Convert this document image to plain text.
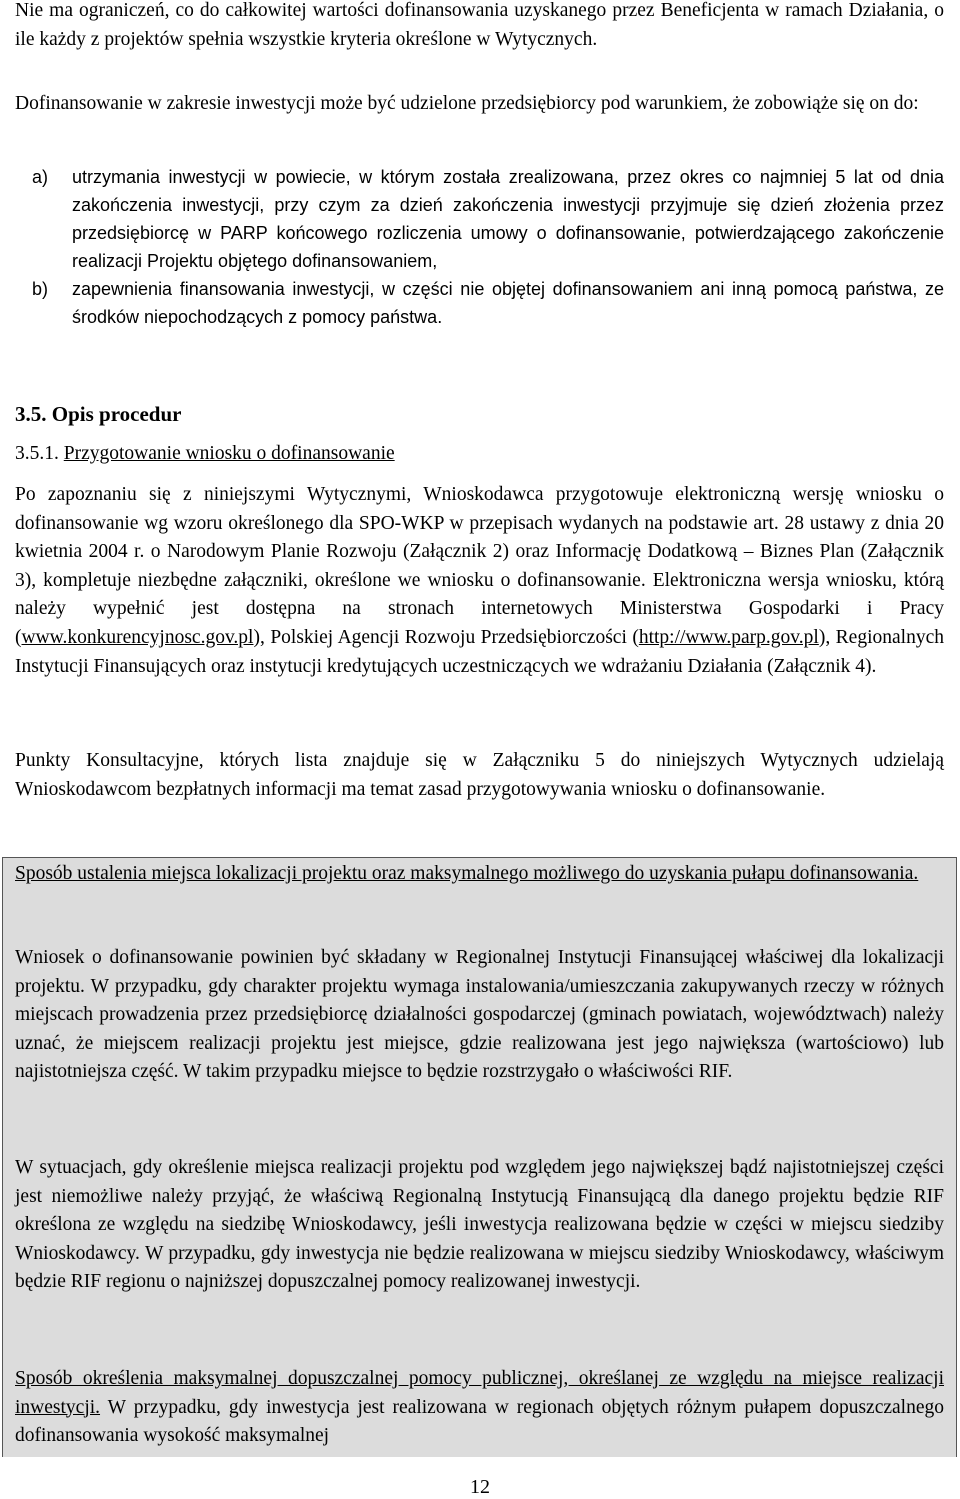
Nie ma ograniczeń, co do całkowitej wartości dofinansowania uzyskanego przez Beneficjenta w ramach Działania, o ile każdy z projektów spełnia wszystkie kryteria określone w Wytycznych.

Dofinansowanie w zakresie inwestycji może być udzielone przedsiębiorcy pod warunkiem, że zobowiąże się on do:

a)	utrzymania inwestycji w powiecie, w którym została zrealizowana, przez okres co najmniej 5 lat od dnia zakończenia inwestycji, przy czym za dzień zakończenia inwestycji przyjmuje się dzień złożenia przez przedsiębiorcę w PARP końcowego rozliczenia umowy o dofinansowanie, potwierdzającego zakończenie realizacji Projektu objętego dofinansowaniem,
b)	zapewnienia finansowania inwestycji, w części nie objętej dofinansowaniem ani inną pomocą państwa, ze środków niepochodzących z pomocy państwa.
3.5. Opis procedur

3.5.1. Przygotowanie wniosku o dofinansowanie

Po zapoznaniu się z niniejszymi Wytycznymi, Wnioskodawca przygotowuje elektroniczną wersję wniosku o dofinansowanie wg wzoru określonego dla SPO-WKP w przepisach wydanych na podstawie art. 28 ustawy z dnia 20 kwietnia 2004 r. o Narodowym Planie Rozwoju (Załącznik 2) oraz Informację Dodatkową – Biznes Plan (Załącznik 3), kompletuje niezbędne załączniki, określone we wniosku o dofinansowanie. Elektroniczna wersja wniosku, którą należy wypełnić jest dostępna na stronach internetowych Ministerstwa Gospodarki i Pracy (www.konkurencyjnosc.gov.pl), Polskiej Agencji Rozwoju Przedsiębiorczości (http://www.parp.gov.pl), Regionalnych Instytucji Finansujących oraz instytucji kredytujących uczestniczących we wdrażaniu Działania (Załącznik 4).

Punkty Konsultacyjne, których lista znajduje się w Załączniku 5 do niniejszych Wytycznych udzielają Wnioskodawcom bezpłatnych informacji ma temat zasad przygotowywania wniosku o dofinansowanie.

Sposób ustalenia miejsca lokalizacji projektu oraz maksymalnego możliwego do uzyskania pułapu dofinansowania.

Wniosek o dofinansowanie powinien być składany w Regionalnej Instytucji Finansującej właściwej dla lokalizacji projektu. W przypadku, gdy charakter projektu wymaga instalowania/umieszczania zakupywanych rzeczy w różnych miejscach prowadzenia przez przedsiębiorcę działalności gospodarczej (gminach powiatach, województwach) należy uznać, że miejscem realizacji projektu jest miejsce, gdzie realizowana jest jego największa (wartościowo) lub najistotniejsza część. W takim przypadku miejsce to będzie rozstrzygało o właściwości RIF.

W sytuacjach, gdy określenie miejsca realizacji projektu pod względem jego największej bądź najistotniejszej części jest niemożliwe należy przyjąć, że właściwą Regionalną Instytucją Finansującą dla danego projektu będzie RIF określona ze względu na siedzibę Wnioskodawcy, jeśli inwestycja realizowana będzie w części w miejscu siedziby Wnioskodawcy. W przypadku, gdy inwestycja nie będzie realizowana w miejscu siedziby Wnioskodawcy, właściwym będzie RIF regionu o najniższej dopuszczalnej pomocy realizowanej inwestycji.

Sposób określenia maksymalnej dopuszczalnej pomocy publicznej, określanej ze względu na miejsce realizacji inwestycji. W przypadku, gdy inwestycja jest realizowana w regionach objętych różnym pułapem dopuszczalnego dofinansowania wysokość maksymalnej

12
